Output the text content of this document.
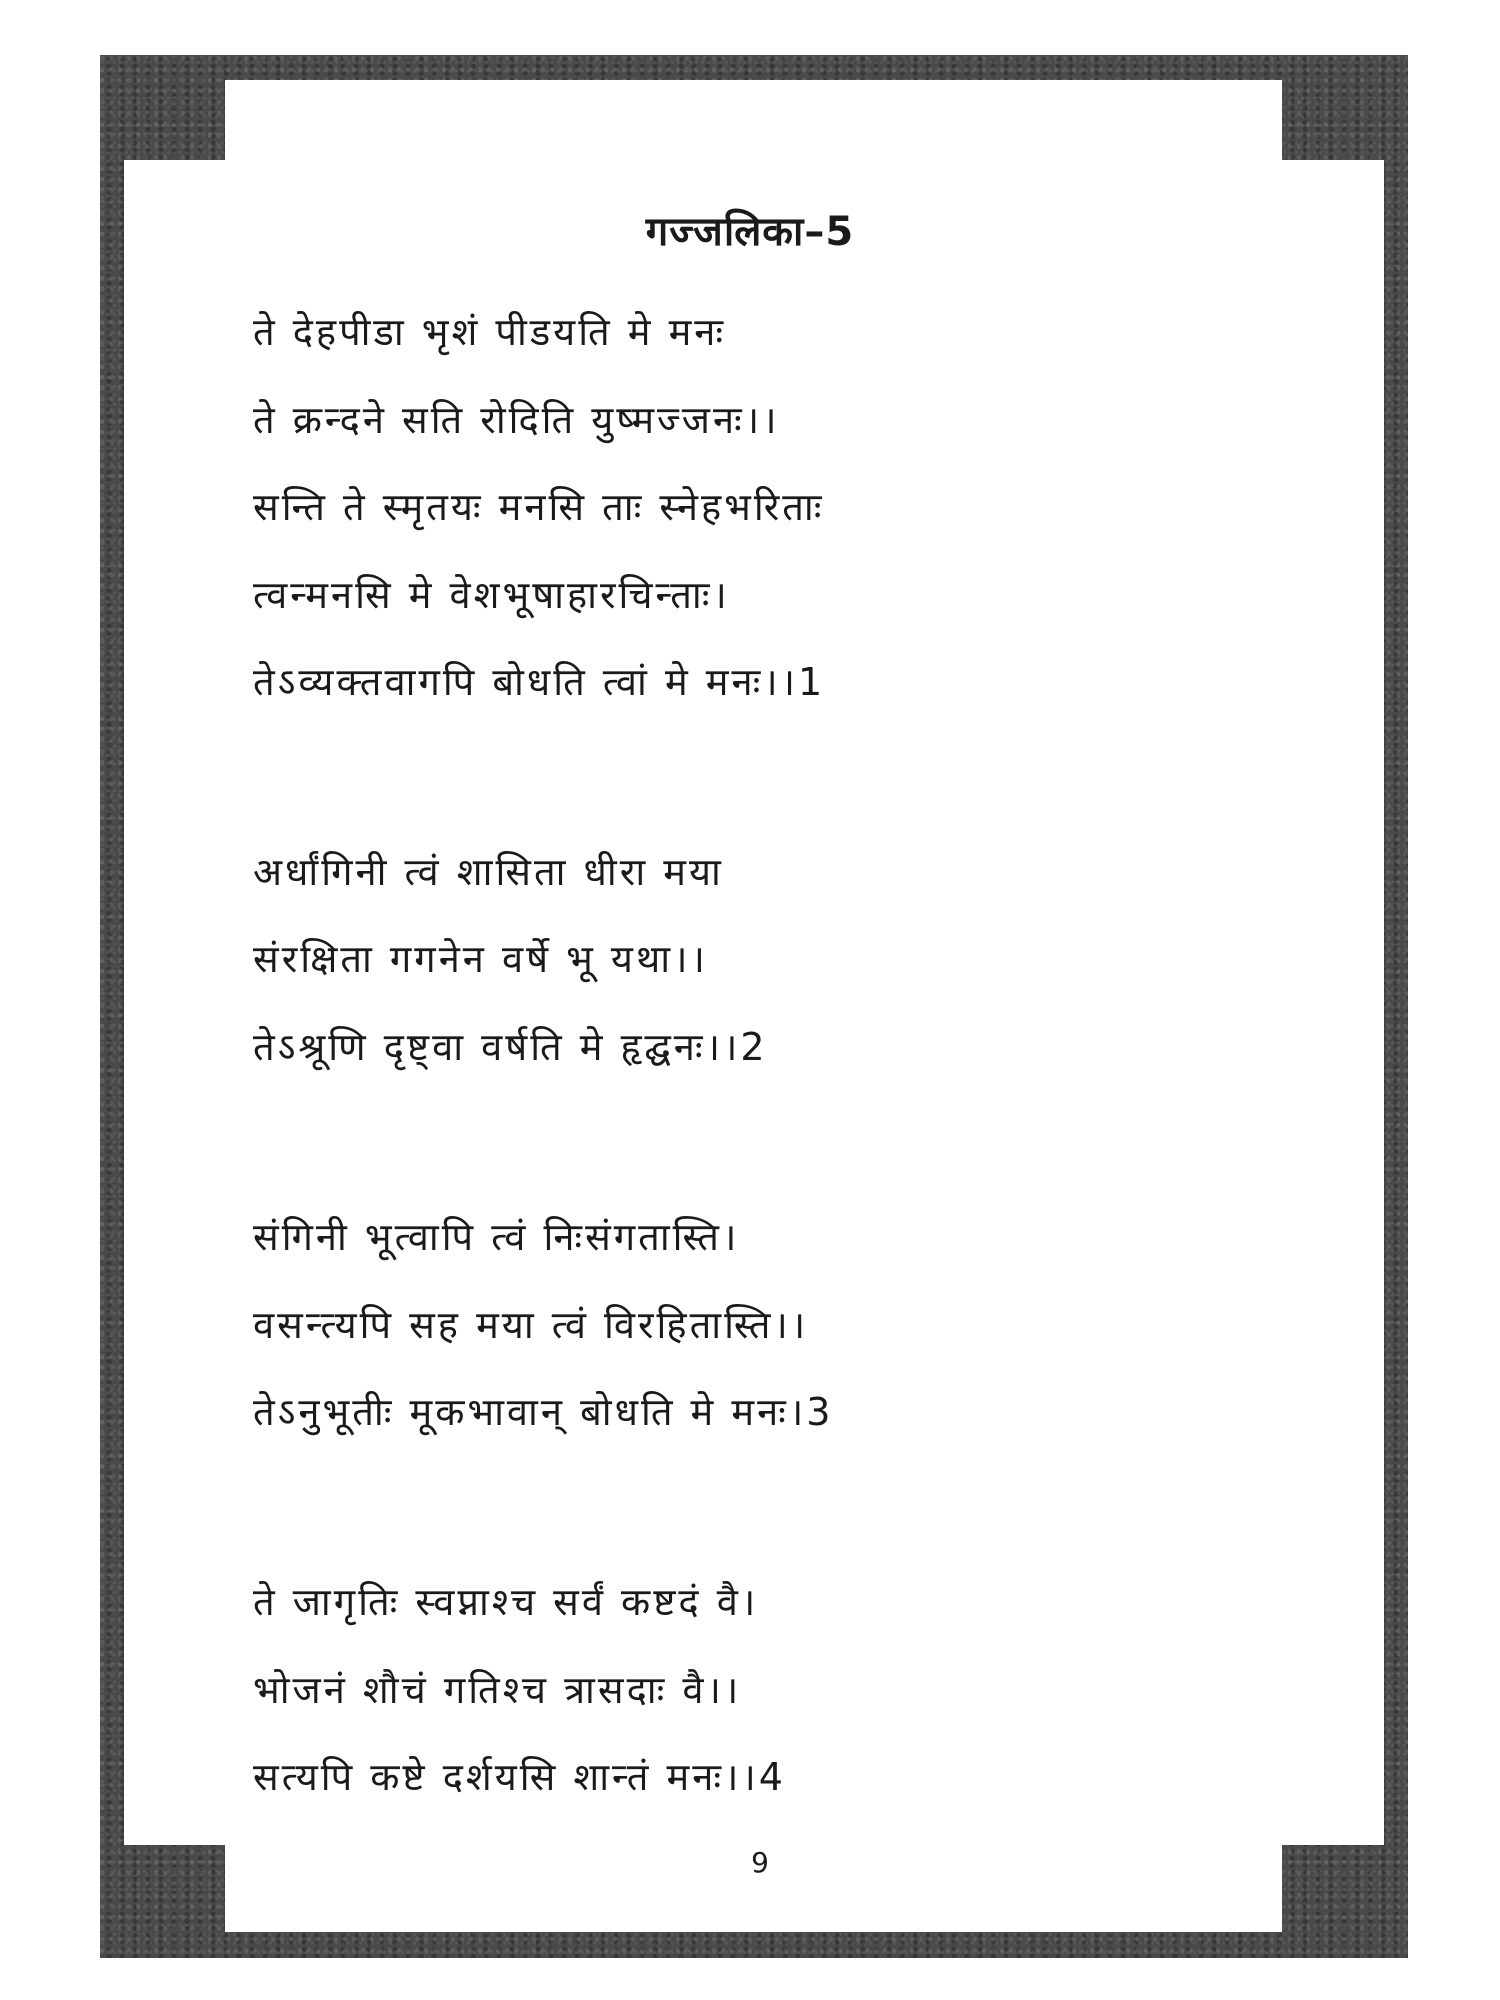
गज्जलिका–5
ते देहपीडा भृशं पीडयति मे मनः
ते क्रन्दने सति रोदिति युष्मज्जनः।।
सन्ति ते स्मृतयः मनसि ताः स्नेहभरिताः
त्वन्मनसि मे वेशभूषाहारचिन्ताः।
तेऽव्यक्तवागपि बोधति त्वां मे मनः।।1
अर्धांगिनी त्वं शासिता धीरा मया
संरक्षिता गगनेन वर्षे भू यथा।।
तेऽश्रूणि दृष्ट्वा वर्षति मे हृद्घनः।।2
संगिनी भूत्वापि त्वं निःसंगतास्ति।
वसन्त्यपि सह मया त्वं विरहितास्ति।।
तेऽनुभूतीः मूकभावान् बोधति मे मनः।3
ते जागृतिः स्वप्नाश्च सर्वं कष्टदं वै।
भोजनं शौचं गतिश्च त्रासदाः वै।।
सत्यपि कष्टे दर्शयसि शान्तं मनः।।4
9
